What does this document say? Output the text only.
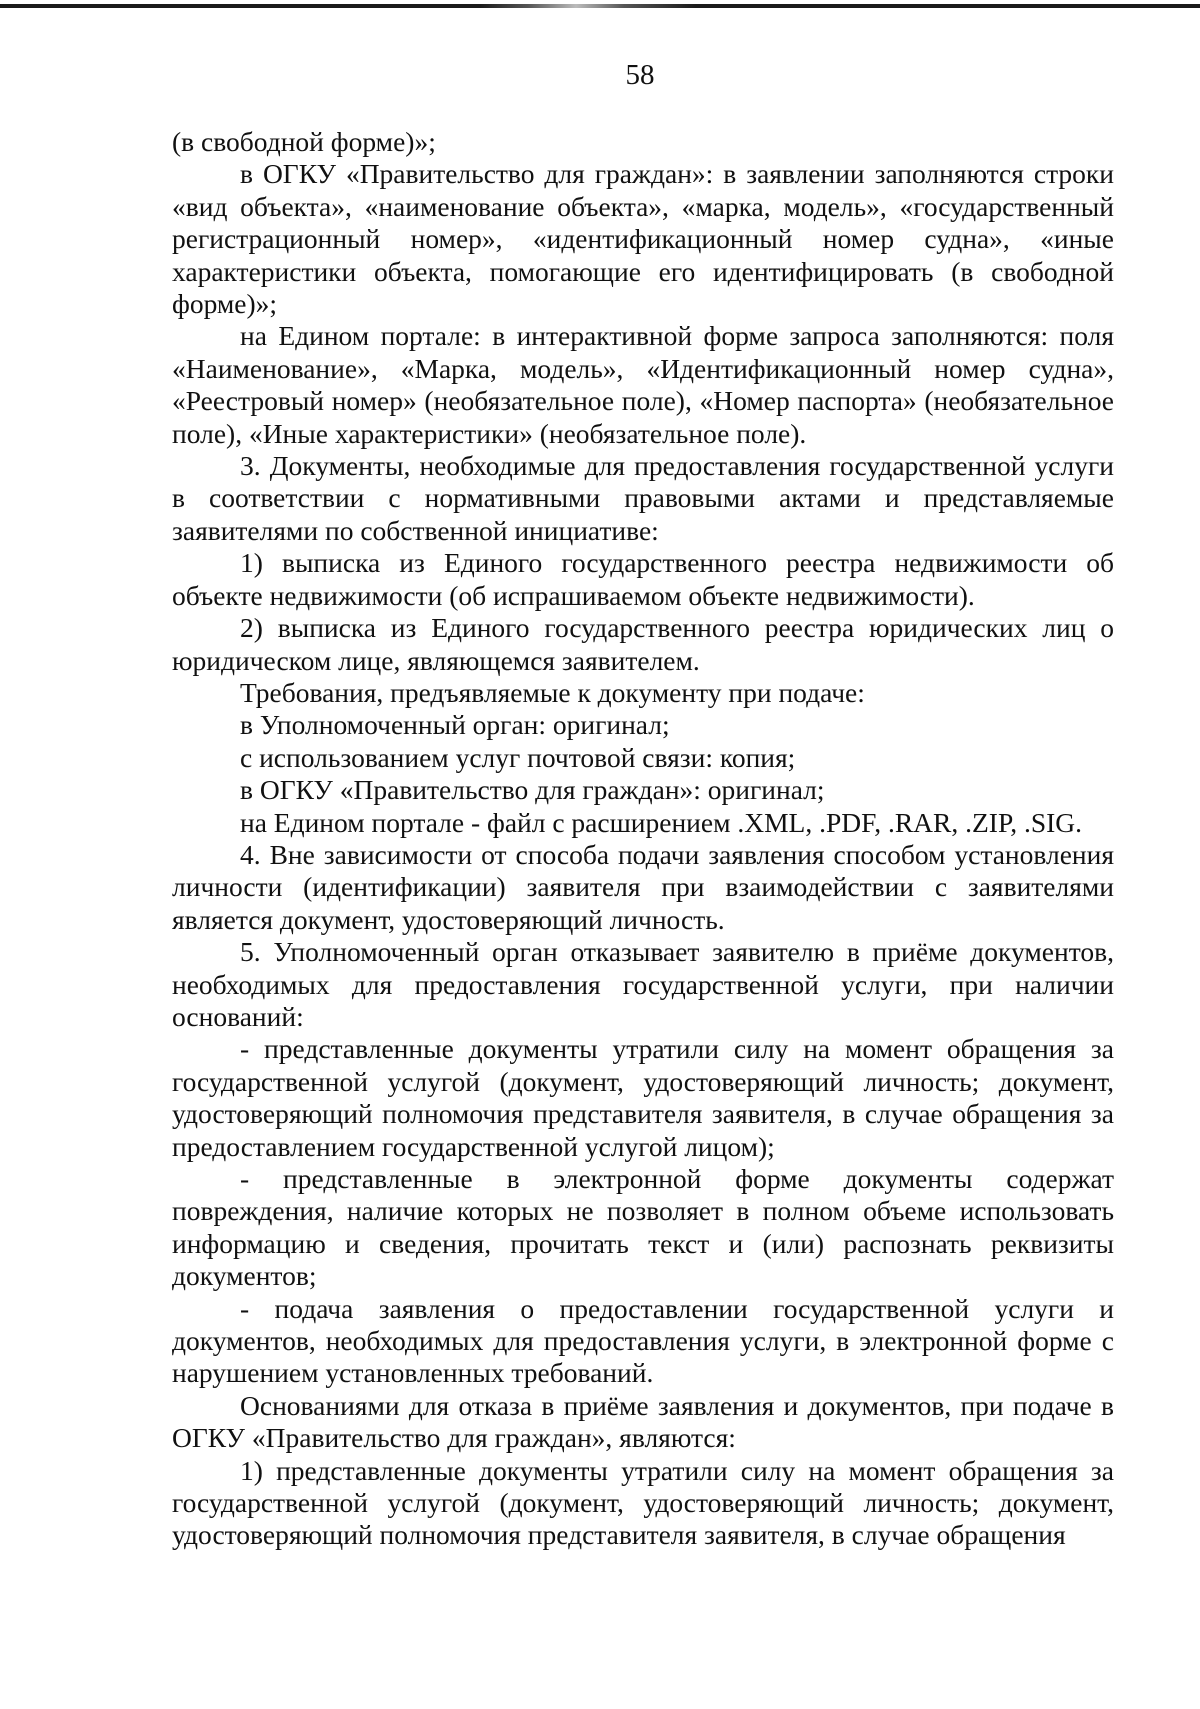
58

(в свободной форме)»;

в ОГКУ «Правительство для граждан»: в заявлении заполняются строки «вид объекта», «наименование объекта», «марка, модель», «государственный регистрационный номер», «идентификационный номер судна», «иные характеристики объекта, помогающие его идентифицировать (в свободной форме)»;

на Едином портале: в интерактивной форме запроса заполняются: поля «Наименование», «Марка, модель», «Идентификационный номер судна», «Реестровый номер» (необязательное поле), «Номер паспорта» (необязательное поле), «Иные характеристики» (необязательное поле).

3. Документы, необходимые для предоставления государственной услуги в соответствии с нормативными правовыми актами и представляемые заявителями по собственной инициативе:

1) выписка из Единого государственного реестра недвижимости об объекте недвижимости (об испрашиваемом объекте недвижимости).

2) выписка из Единого государственного реестра юридических лиц о юридическом лице, являющемся заявителем.

Требования, предъявляемые к документу при подаче:

в Уполномоченный орган: оригинал;

с использованием услуг почтовой связи: копия;

в ОГКУ «Правительство для граждан»: оригинал;

на Едином портале - файл с расширением .XML, .PDF, .RAR, .ZIP, .SIG.

4. Вне зависимости от способа подачи заявления способом установления личности (идентификации) заявителя при взаимодействии с заявителями является документ, удостоверяющий личность.

5. Уполномоченный орган отказывает заявителю в приёме документов, необходимых для предоставления государственной услуги, при наличии оснований:

- представленные документы утратили силу на момент обращения за государственной услугой (документ, удостоверяющий личность; документ, удостоверяющий полномочия представителя заявителя, в случае обращения за предоставлением государственной услугой лицом);

- представленные в электронной форме документы содержат повреждения, наличие которых не позволяет в полном объеме использовать информацию и сведения, прочитать текст и (или) распознать реквизиты документов;

- подача заявления о предоставлении государственной услуги и документов, необходимых для предоставления услуги, в электронной форме с нарушением установленных требований.

Основаниями для отказа в приёме заявления и документов, при подаче в ОГКУ «Правительство для граждан», являются:

1) представленные документы утратили силу на момент обращения за государственной услугой (документ, удостоверяющий личность; документ, удостоверяющий полномочия представителя заявителя, в случае обращения
